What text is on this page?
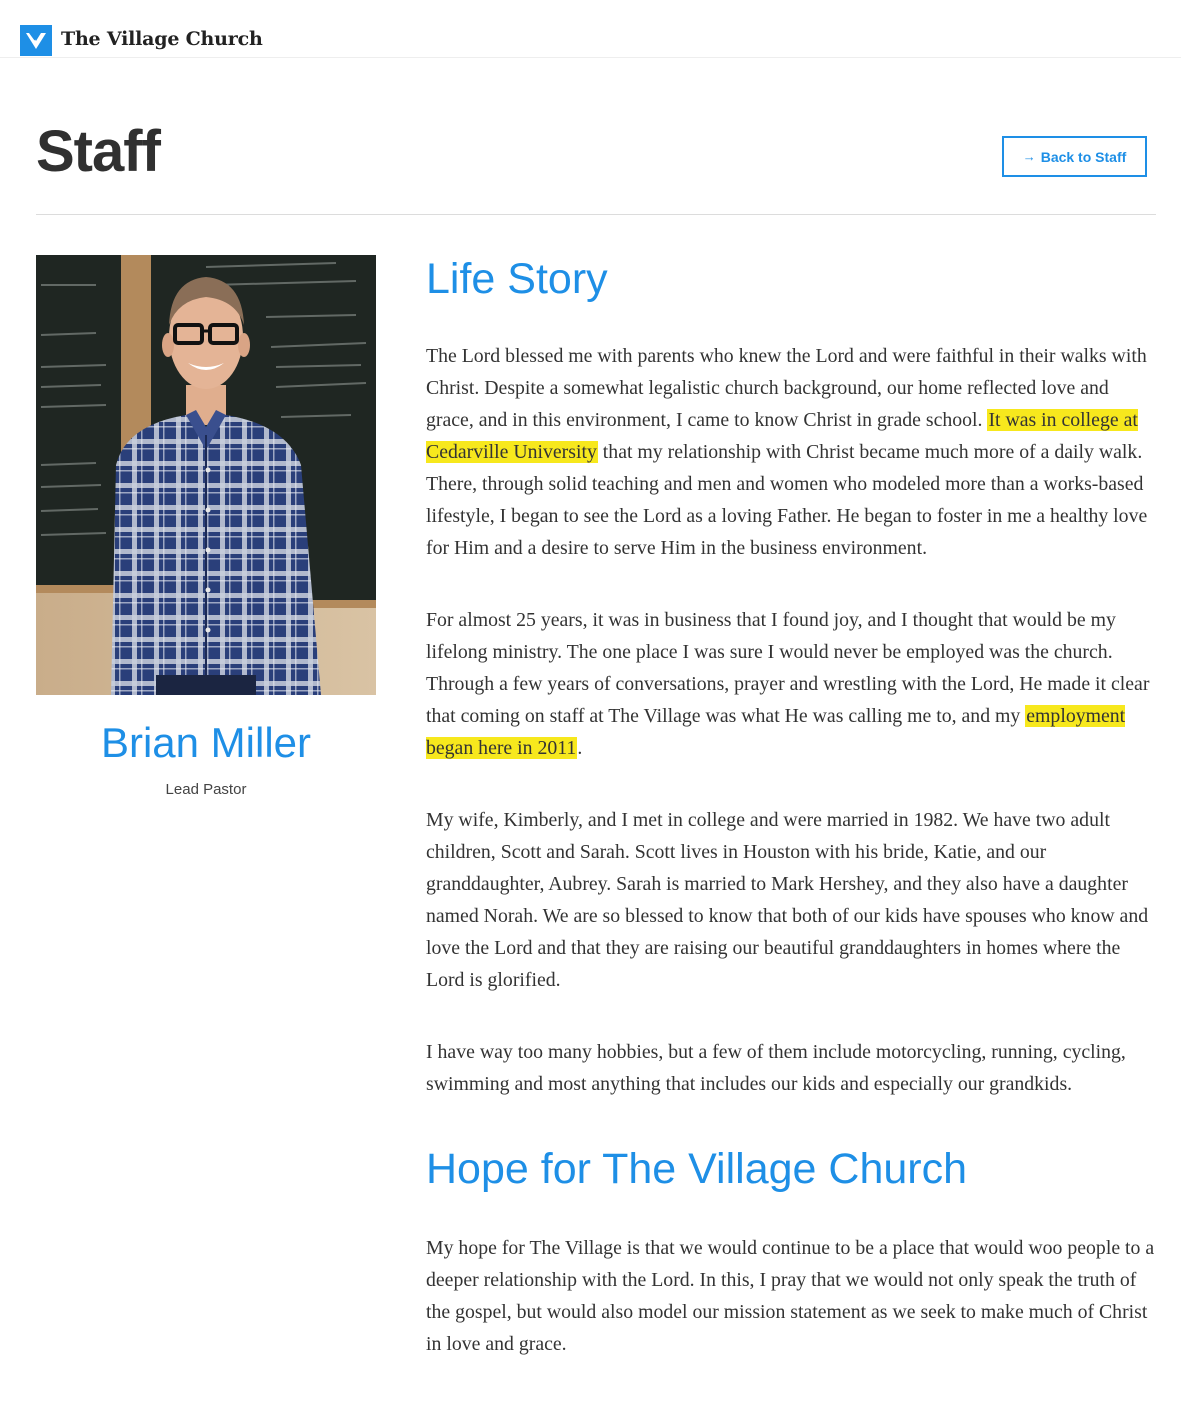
The Village Church
Staff	→ Back to Staff
Brian Miller
Lead Pastor
Life Story

The Lord blessed me with parents who knew the Lord and were faithful in their walks with Christ. Despite a somewhat legalistic church background, our home reflected love and grace, and in this environment, I came to know Christ in grade school. It was in college at Cedarville University that my relationship with Christ became much more of a daily walk. There, through solid teaching and men and women who modeled more than a works-based lifestyle, I began to see the Lord as a loving Father. He began to foster in me a healthy love for Him and a desire to serve Him in the business environment.

For almost 25 years, it was in business that I found joy, and I thought that would be my lifelong ministry. The one place I was sure I would never be employed was the church. Through a few years of conversations, prayer and wrestling with the Lord, He made it clear that coming on staff at The Village was what He was calling me to, and my employment began here in 2011.

My wife, Kimberly, and I met in college and were married in 1982. We have two adult children, Scott and Sarah. Scott lives in Houston with his bride, Katie, and our granddaughter, Aubrey. Sarah is married to Mark Hershey, and they also have a daughter named Norah. We are so blessed to know that both of our kids have spouses who know and love the Lord and that they are raising our beautiful granddaughters in homes where the Lord is glorified.

I have way too many hobbies, but a few of them include motorcycling, running, cycling, swimming and most anything that includes our kids and especially our grandkids.

Hope for The Village Church

My hope for The Village is that we would continue to be a place that would woo people to a deeper relationship with the Lord. In this, I pray that we would not only speak the truth of the gospel, but would also model our mission statement as we seek to make much of Christ in love and grace.
